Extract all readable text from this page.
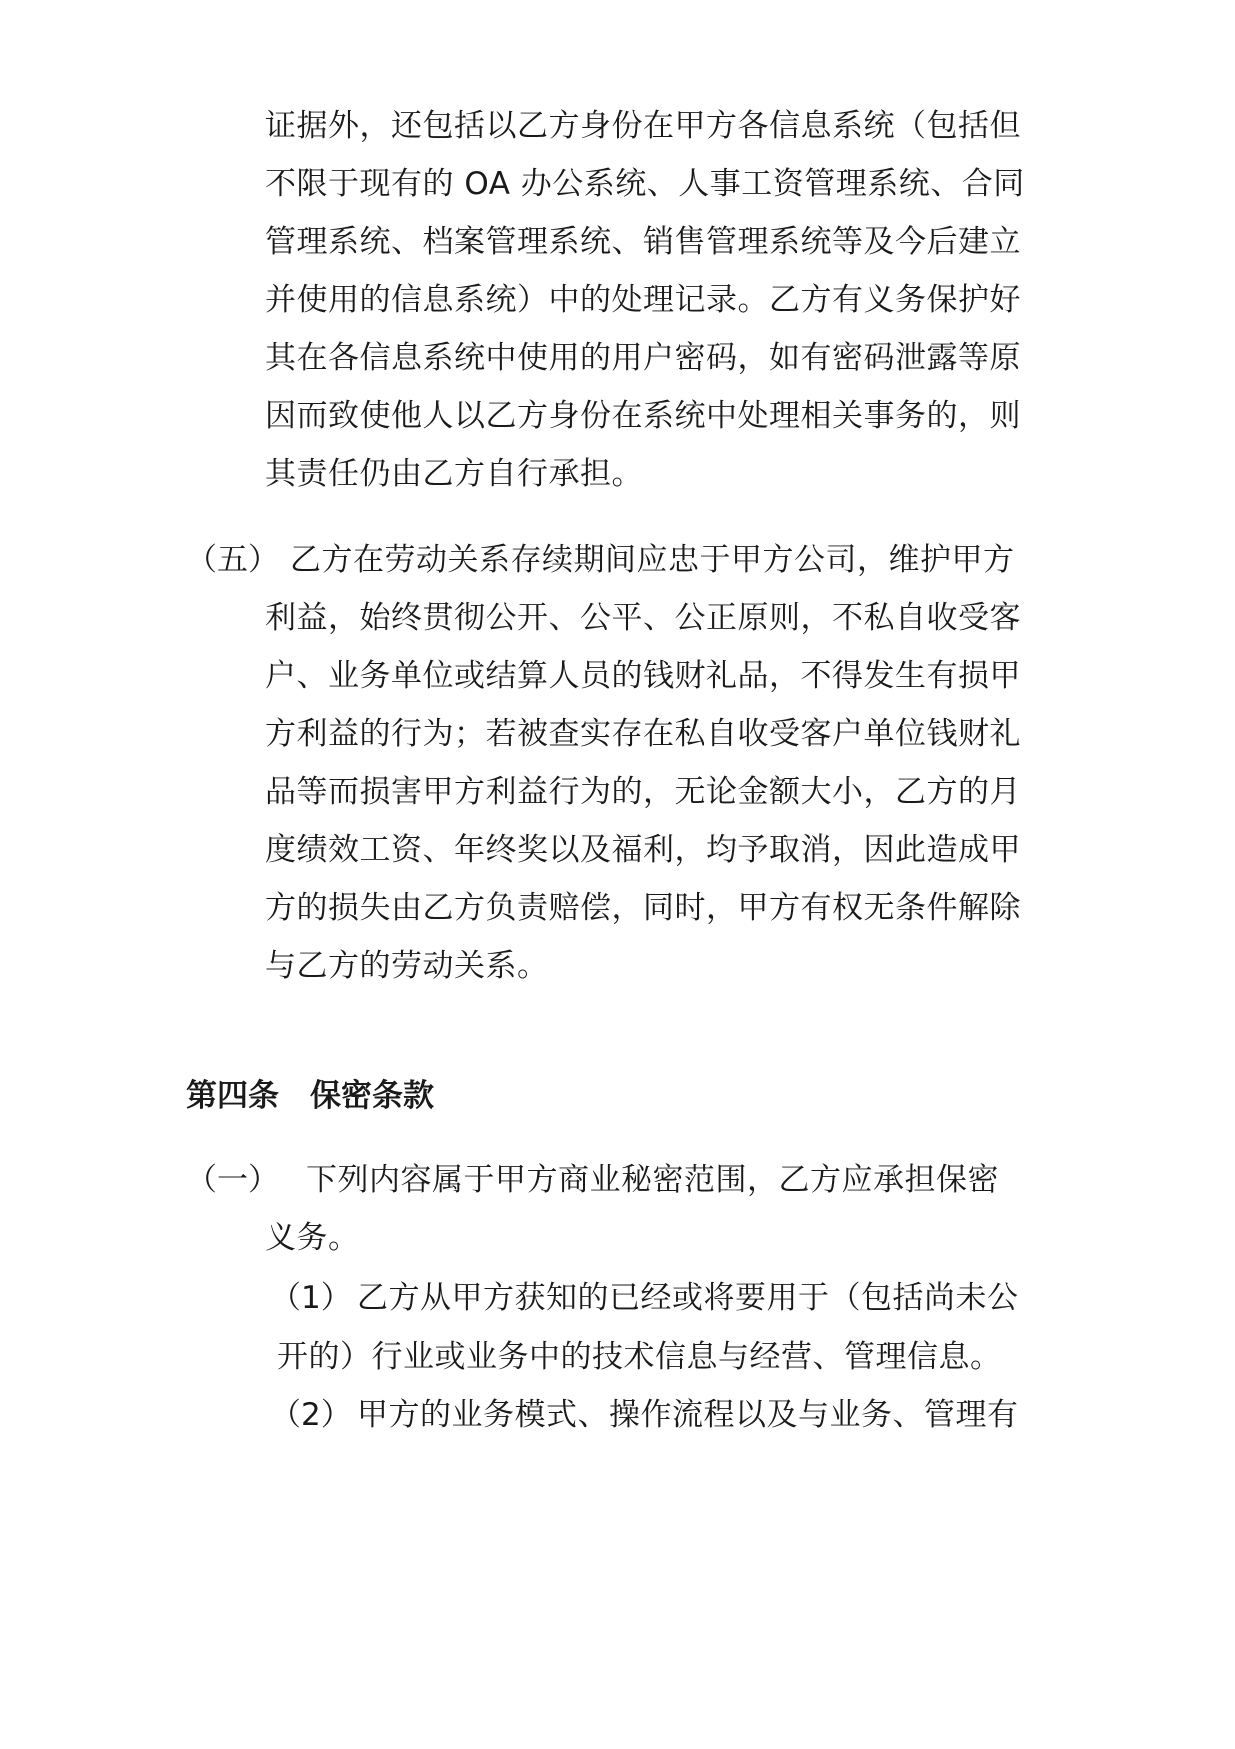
证据外，还包括以乙方身份在甲方各信息系统（包括但
不限于现有的 OA 办公系统、人事工资管理系统、合同
管理系统、档案管理系统、销售管理系统等及今后建立
并使用的信息系统）中的处理记录。乙方有义务保护好
其在各信息系统中使用的用户密码，如有密码泄露等原
因而致使他人以乙方身份在系统中处理相关事务的，则
其责任仍由乙方自行承担。
（五） 乙方在劳动关系存续期间应忠于甲方公司，维护甲方
利益，始终贯彻公开、公平、公正原则，不私自收受客
户、业务单位或结算人员的钱财礼品，不得发生有损甲
方利益的行为；若被查实存在私自收受客户单位钱财礼
品等而损害甲方利益行为的，无论金额大小，乙方的月
度绩效工资、年终奖以及福利，均予取消，因此造成甲
方的损失由乙方负责赔偿，同时，甲方有权无条件解除
与乙方的劳动关系。
第四条　保密条款
（一） 下列内容属于甲方商业秘密范围，乙方应承担保密
义务。
（1） 乙方从甲方获知的已经或将要用于（包括尚未公
开的）行业或业务中的技术信息与经营、管理信息。
（2） 甲方的业务模式、操作流程以及与业务、管理有
